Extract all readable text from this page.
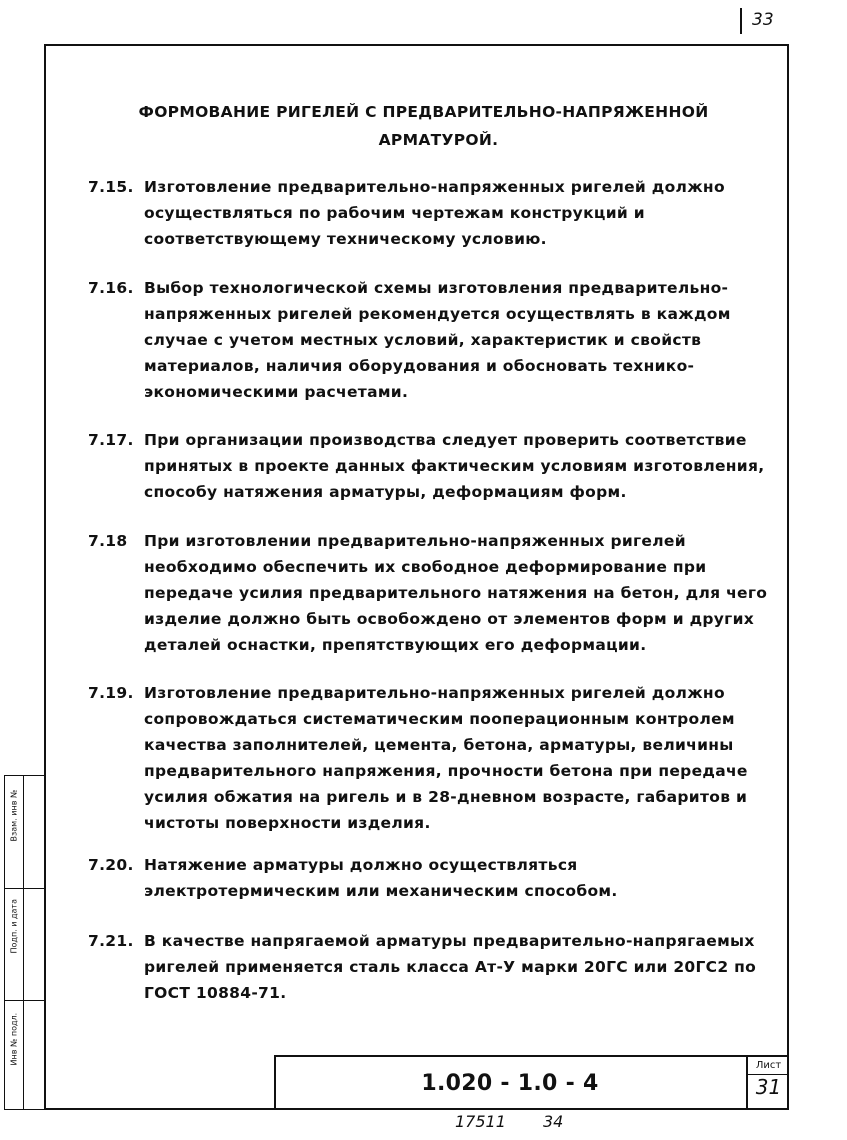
33
ФОРМОВАНИЕ РИГЕЛЕЙ С ПРЕДВАРИТЕЛЬНО-НАПРЯЖЕННОЙ
АРМАТУРОЙ.
7.15. Изготовление предварительно-напряженных ригелей должно осуществляться по рабочим чертежам конструкций и соответствующему техническому условию.
7.16. Выбор технологической схемы изготовления предварительно-напряженных ригелей рекомендуется осуществлять в каждом случае с учетом местных условий, характеристик и свойств материалов, наличия оборудования и обосновать технико-экономическими расчетами.
7.17. При организации производства следует проверить соответствие принятых в проекте данных фактическим условиям изготовления, способу натяжения арматуры, деформациям форм.
7.18	При изготовлении предварительно-напряженных ригелей необходимо обеспечить их свободное деформирование при передаче усилия предварительного натяжения на бетон, для чего изделие должно быть освобождено от элементов форм и других деталей оснастки, препятствующих его деформации.
7.19. Изготовление предварительно-напряженных ригелей должно сопровождаться систематическим пооперационным контролем качества заполнителей, цемента, бетона, арматуры, величины предварительного напряжения, прочности бетона при передаче усилия обжатия на ригель и в 28-дневном возрасте, габаритов и чистоты поверхности изделия.
7.20. Натяжение арматуры должно осуществляться электротермическим или механическим способом.
7.21. В качестве напрягаемой арматуры предварительно-напрягаемых ригелей применяется сталь класса Ат-У марки 20ГС или 20ГС2 по ГОСТ 10884-71.
Инв № подл.
Подп. и дата
Взам. инв №
1.020 - 1.0 - 4
Лист
31
17511 34
